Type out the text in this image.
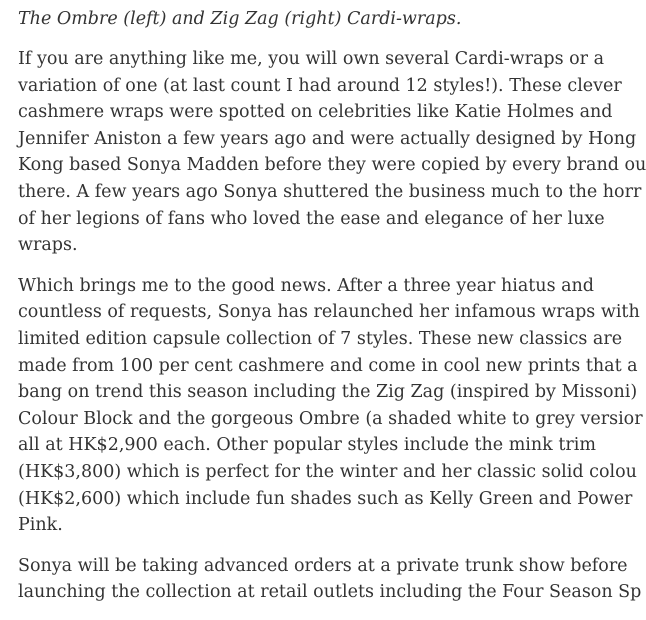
The Ombre (left) and Zig Zag (right) Cardi-wraps.

If you are anything like me, you will own several Cardi-wraps or a
variation of one (at last count I had around 12 styles!). These clever
cashmere wraps were spotted on celebrities like Katie Holmes and
Jennifer Aniston a few years ago and were actually designed by Hong
Kong based Sonya Madden before they were copied by every brand ou
there. A few years ago Sonya shuttered the business much to the horr
of her legions of fans who loved the ease and elegance of her luxe
wraps.
Which brings me to the good news. After a three year hiatus and
countless of requests, Sonya has relaunched her infamous wraps with
limited edition capsule collection of 7 styles. These new classics are
made from 100 per cent cashmere and come in cool new prints that a
bang on trend this season including the Zig Zag (inspired by Missoni)
Colour Block and the gorgeous Ombre (a shaded white to grey versior
all at HK$2,900 each. Other popular styles include the mink trim
(HK$3,800) which is perfect for the winter and her classic solid colou
(HK$2,600) which include fun shades such as Kelly Green and Power
Pink.
Sonya will be taking advanced orders at a private trunk show before
launching the collection at retail outlets including the Four Season Sp
